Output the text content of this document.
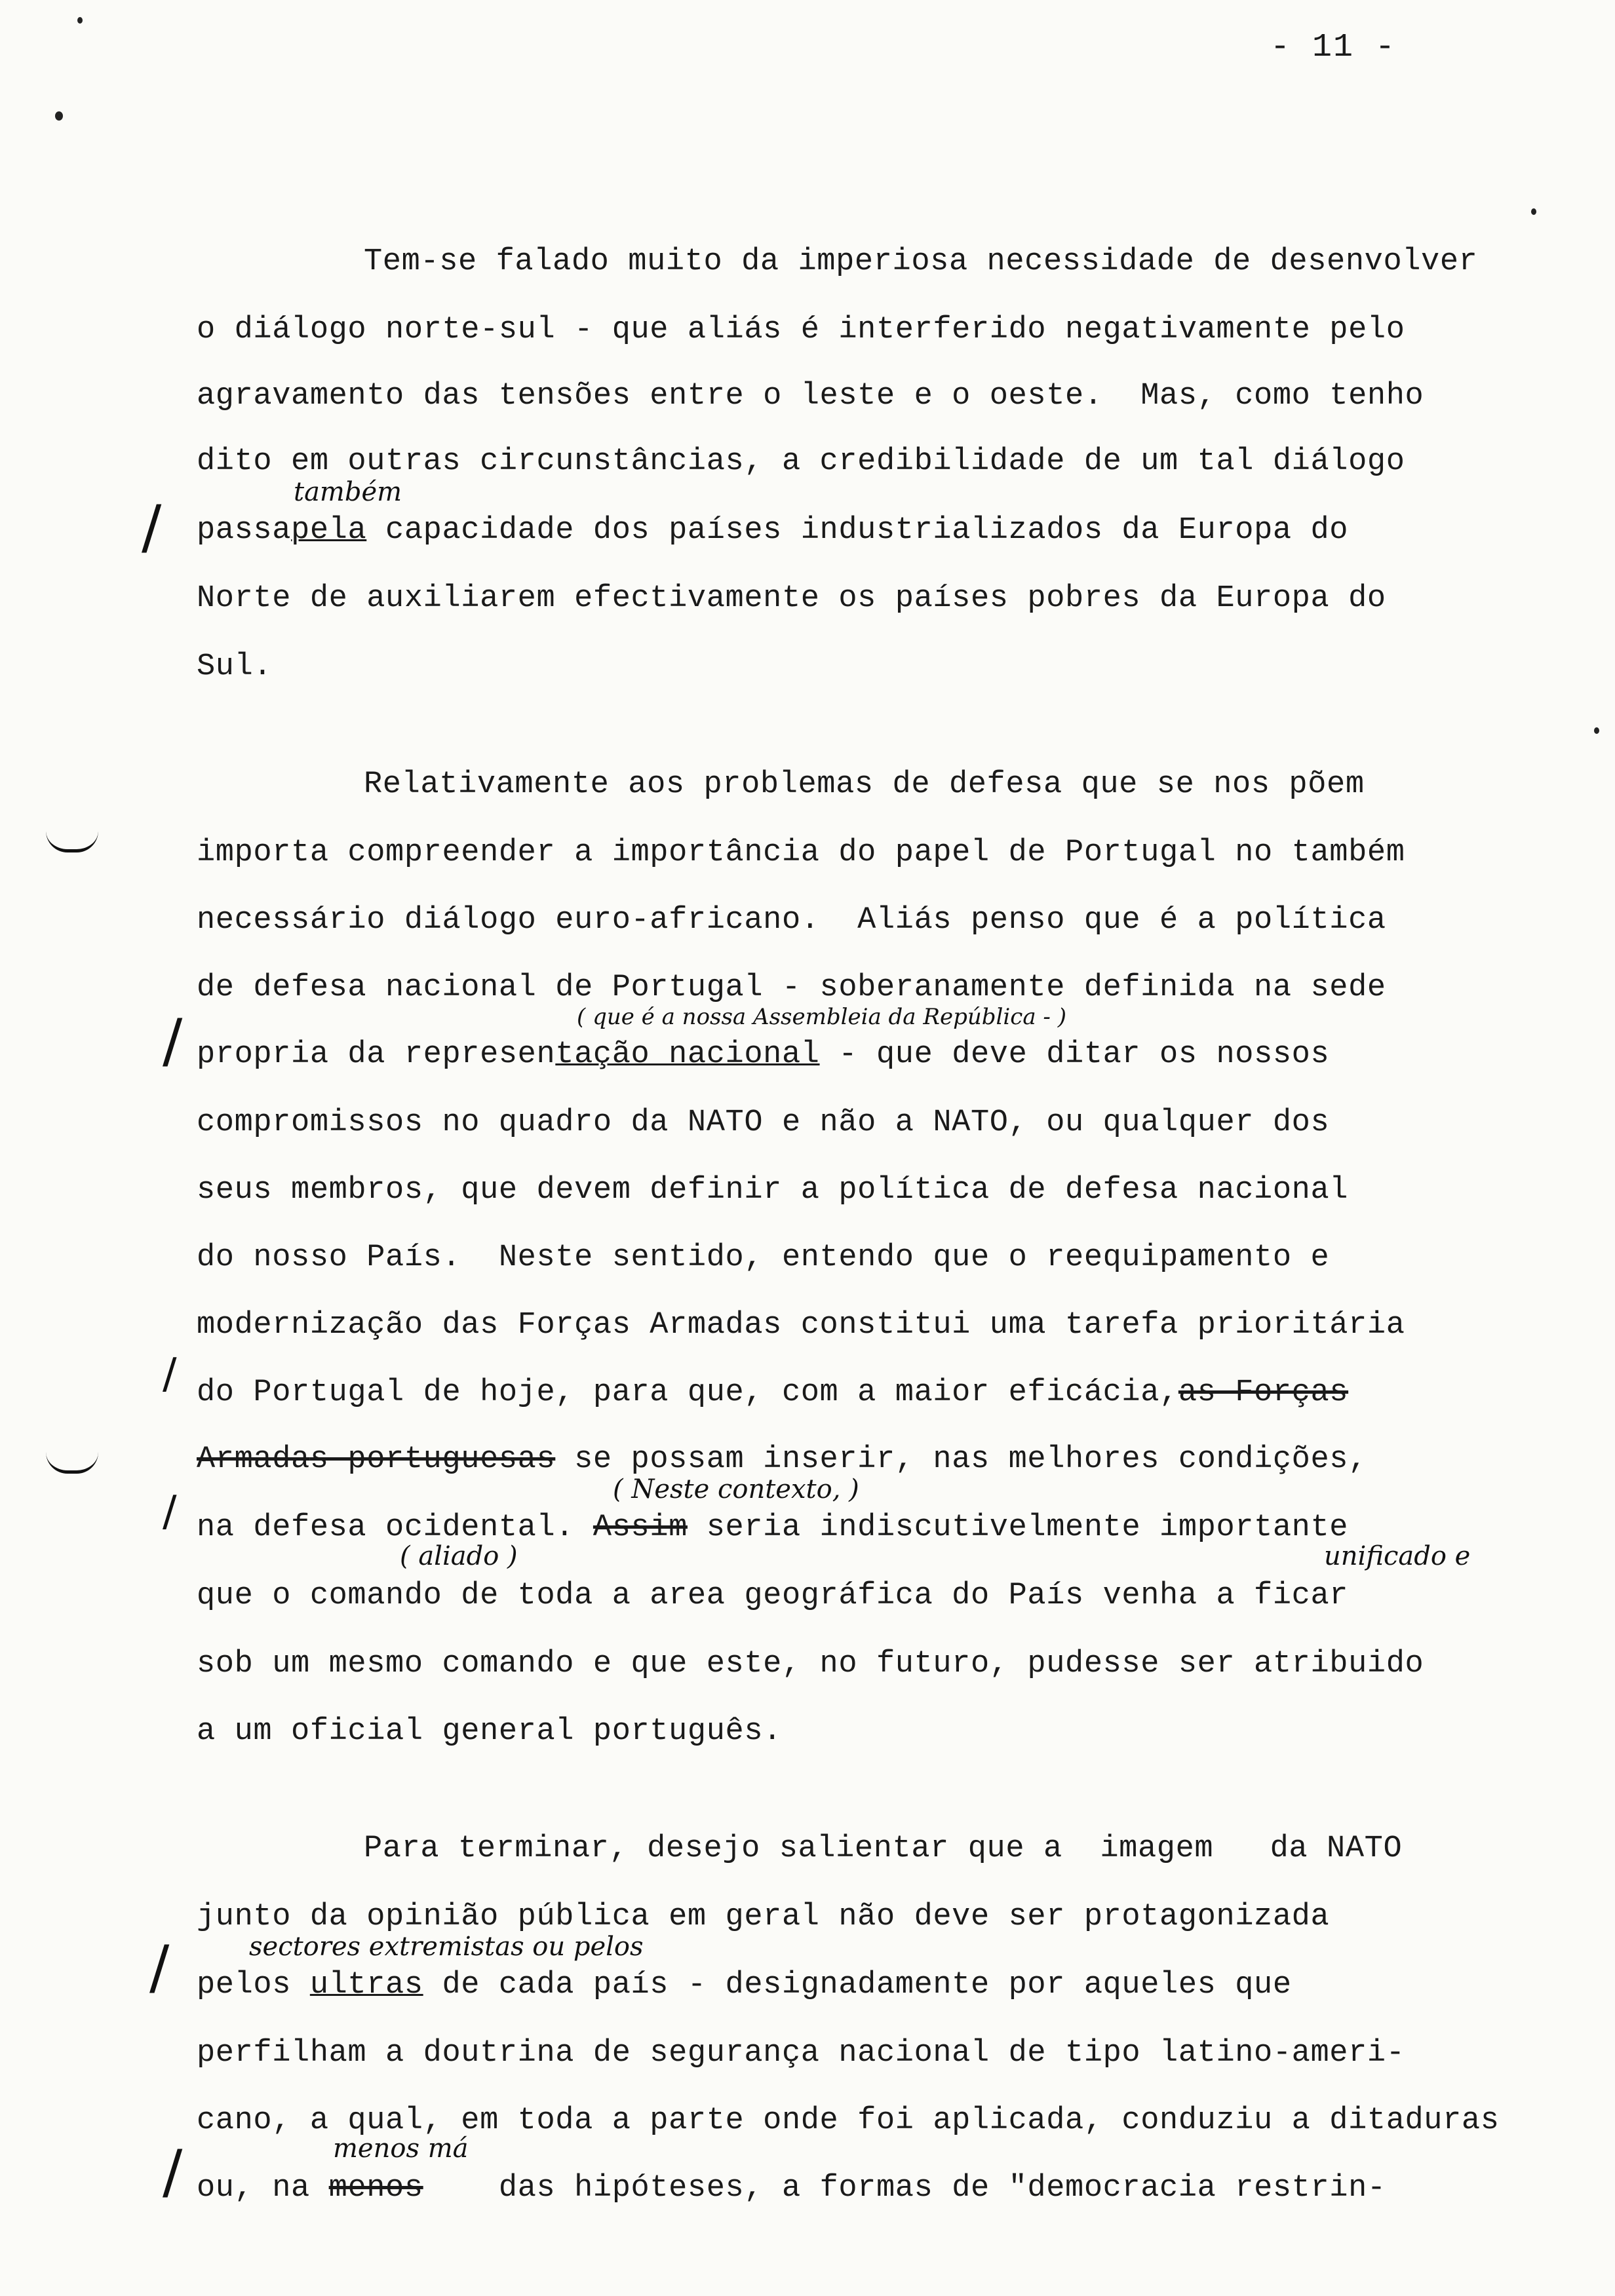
- 11 -
Tem-se falado muito da imperiosa necessidade de desenvolver
o diálogo norte-sul - que aliás é interferido negativamente pelo
agravamento das tensões entre o leste e o oeste.  Mas, como tenho
dito em outras circunstâncias, a credibilidade de um tal diálogo
também
passapela capacidade dos países industrializados da Europa do
Norte de auxiliarem efectivamente os países pobres da Europa do
Sul.
/
Relativamente aos problemas de defesa que se nos põem
importa compreender a importância do papel de Portugal no também
necessário diálogo euro-africano.  Aliás penso que é a política
de defesa nacional de Portugal - soberanamente definida na sede
( que é a nossa Assembleia da República - )
propria da representação nacional - que deve ditar os nossos
compromissos no quadro da NATO e não a NATO, ou qualquer dos
seus membros, que devem definir a política de defesa nacional
do nosso País.  Neste sentido, entendo que o reequipamento e
modernização das Forças Armadas constitui uma tarefa prioritária
do Portugal de hoje, para que, com a maior eficácia,as Forças
Armadas portuguesas se possam inserir, nas melhores condições,
( Neste contexto, )
na defesa ocidental. Assim seria indiscutivelmente importante
( aliado )	unificado e
que o comando de toda a area geográfica do País venha a ficar
sob um mesmo comando e que este, no futuro, pudesse ser atribuido
a um oficial general português.
/
/
/
Para terminar, desejo salientar que a  imagem   da NATO
junto da opinião pública em geral não deve ser protagonizada
sectores extremistas ou pelos
pelos ultras de cada país - designadamente por aqueles que
perfilham a doutrina de segurança nacional de tipo latino-ameri-
cano, a qual, em toda a parte onde foi aplicada, conduziu a ditaduras
menos má
ou, na menos    das hipóteses, a formas de "democracia restrin-
/
/
